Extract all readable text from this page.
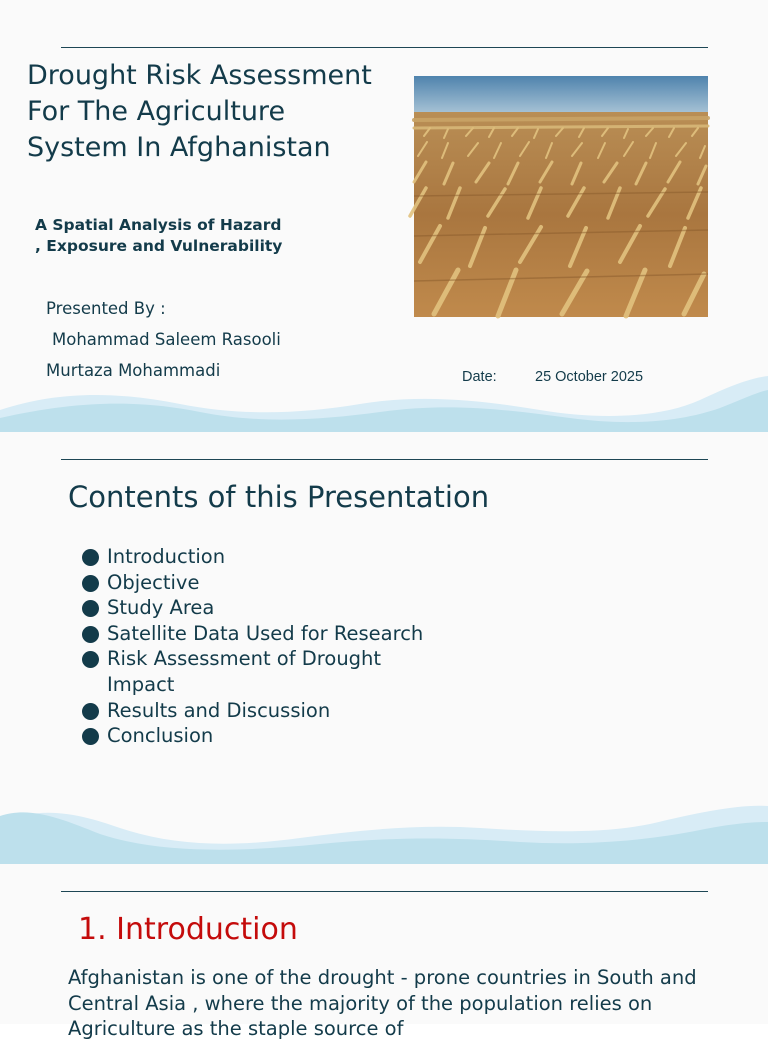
Drought Risk Assessment For The Agriculture System In Afghanistan
A Spatial Analysis of Hazard , Exposure and Vulnerability
Presented By :
Mohammad Saleem Rasooli
Murtaza Mohammadi	Date:	25 October 2025
Contents of this Presentation
Introduction
Objective
Study Area
Satellite Data Used for Research
Risk Assessment of Drought Impact
Results and Discussion
Conclusion
1. Introduction
Afghanistan is one of the drought - prone countries in South and Central Asia , where the majority of the population relies on Agriculture as the staple source of
